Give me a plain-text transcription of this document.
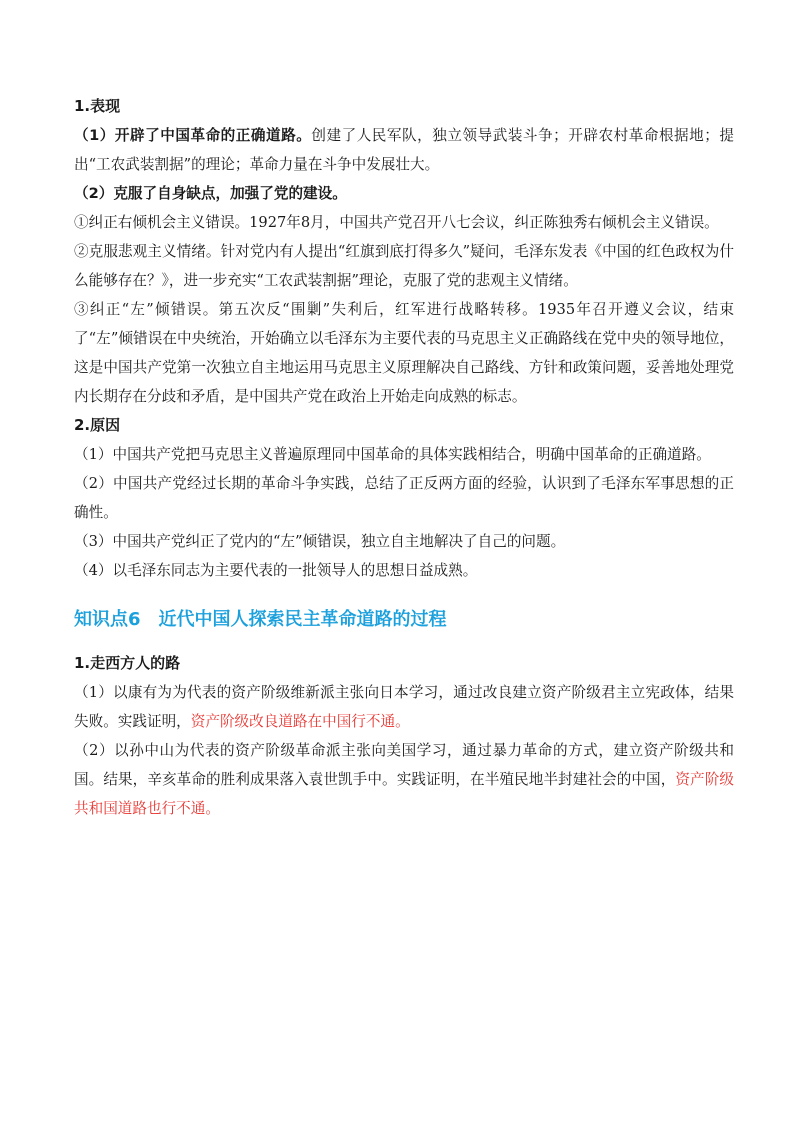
1.表现

（1）开辟了中国革命的正确道路。创建了人民军队，独立领导武装斗争；开辟农村革命根据地；提出“工农武装割据”的理论；革命力量在斗争中发展壮大。

（2）克服了自身缺点，加强了党的建设。

①纠正右倾机会主义错误。1927年8月，中国共产党召开八七会议，纠正陈独秀右倾机会主义错误。

②克服悲观主义情绪。针对党内有人提出“红旗到底打得多久”疑问，毛泽东发表《中国的红色政权为什么能够存在？》，进一步充实“工农武装割据”理论，克服了党的悲观主义情绪。

③纠正“左”倾错误。第五次反“围剿”失利后，红军进行战略转移。1935年召开遵义会议，结束了“左”倾错误在中央统治，开始确立以毛泽东为主要代表的马克思主义正确路线在党中央的领导地位，这是中国共产党第一次独立自主地运用马克思主义原理解决自己路线、方针和政策问题，妥善地处理党内长期存在分歧和矛盾，是中国共产党在政治上开始走向成熟的标志。

2.原因

（1）中国共产党把马克思主义普遍原理同中国革命的具体实践相结合，明确中国革命的正确道路。

（2）中国共产党经过长期的革命斗争实践，总结了正反两方面的经验，认识到了毛泽东军事思想的正确性。

（3）中国共产党纠正了党内的“左”倾错误，独立自主地解决了自己的问题。

（4）以毛泽东同志为主要代表的一批领导人的思想日益成熟。

知识点6　近代中国人探索民主革命道路的过程

1.走西方人的路

（1）以康有为为代表的资产阶级维新派主张向日本学习，通过改良建立资产阶级君主立宪政体，结果失败。实践证明，资产阶级改良道路在中国行不通。

（2）以孙中山为代表的资产阶级革命派主张向美国学习，通过暴力革命的方式，建立资产阶级共和国。结果，辛亥革命的胜利成果落入袁世凯手中。实践证明，在半殖民地半封建社会的中国，资产阶级共和国道路也行不通。
